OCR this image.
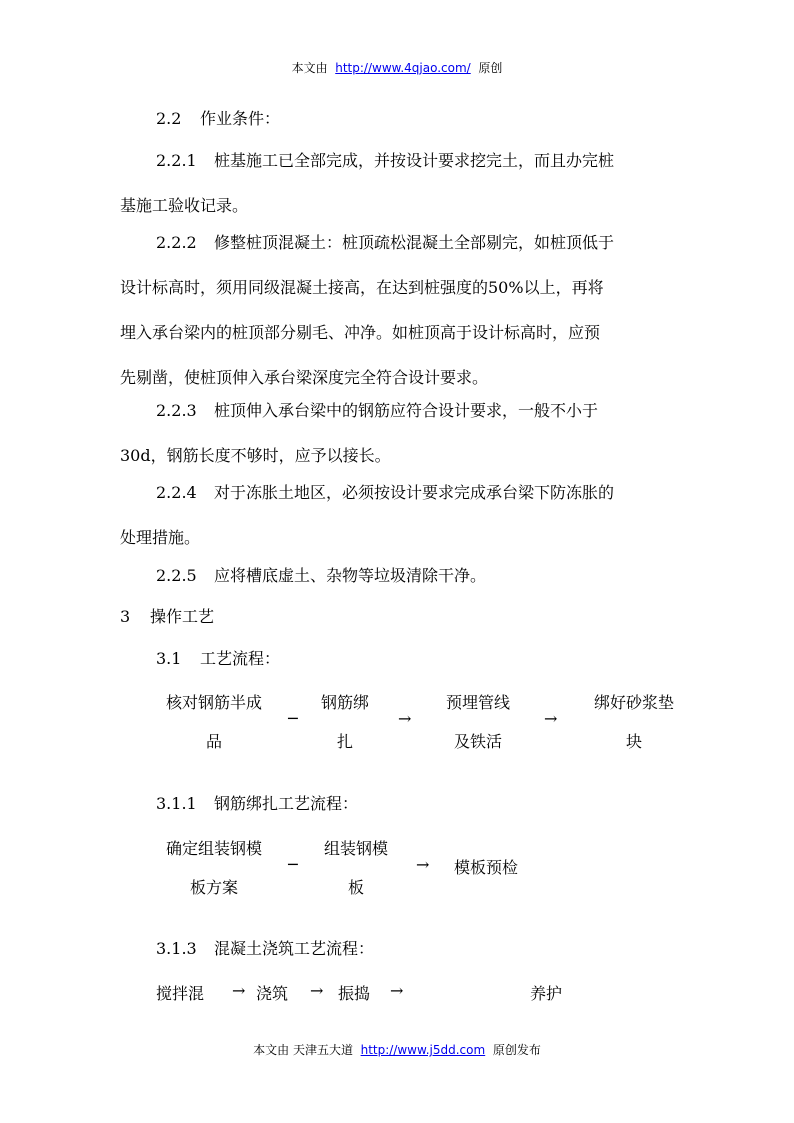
本文由 http://www.4qjao.com/ 原创
2.2 作业条件：
2.2.1 桩基施工已全部完成，并按设计要求挖完土，而且办完桩
基施工验收记录。
2.2.2 修整桩顶混凝土：桩顶疏松混凝土全部剔完，如桩顶低于
设计标高时，须用同级混凝土接高，在达到桩强度的50%以上，再将
埋入承台梁内的桩顶部分剔毛、冲净。如桩顶高于设计标高时，应预
先剔凿，使桩顶伸入承台梁深度完全符合设计要求。
2.2.3 桩顶伸入承台梁中的钢筋应符合设计要求，一般不小于
30d，钢筋长度不够时，应予以接长。
2.2.4 对于冻胀土地区，必须按设计要求完成承台梁下防冻胀的
处理措施。
2.2.5 应将槽底虚土、杂物等垃圾清除干净。
3 操作工艺
3.1 工艺流程：
核对钢筋半成
品
─
钢筋绑
扎
→
预埋管线
及铁活
→
绑好砂浆垫
块
3.1.1 钢筋绑扎工艺流程：
确定组装钢模
板方案
─
组装钢模
板
→ 模板预检
3.1.3 混凝土浇筑工艺流程：
搅拌混 → 浇筑 → 振捣 →	养护
本文由 天津五大道 http://www.j5dd.com 原创发布
